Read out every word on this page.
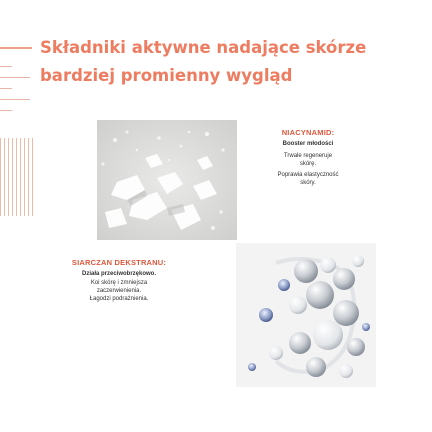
Składniki aktywne nadające skórze
bardziej promienny wygląd
NIACYNAMID:
Booster młodości
Trwale regeneruje
skórę.
Poprawia elastyczność
skóry.
SIARCZAN DEKSTRANU:
Działa przeciwobrzękowo.
Koi skórę i zmniejsza
zaczerwienienia.
Łagodzi podrażnienia.
